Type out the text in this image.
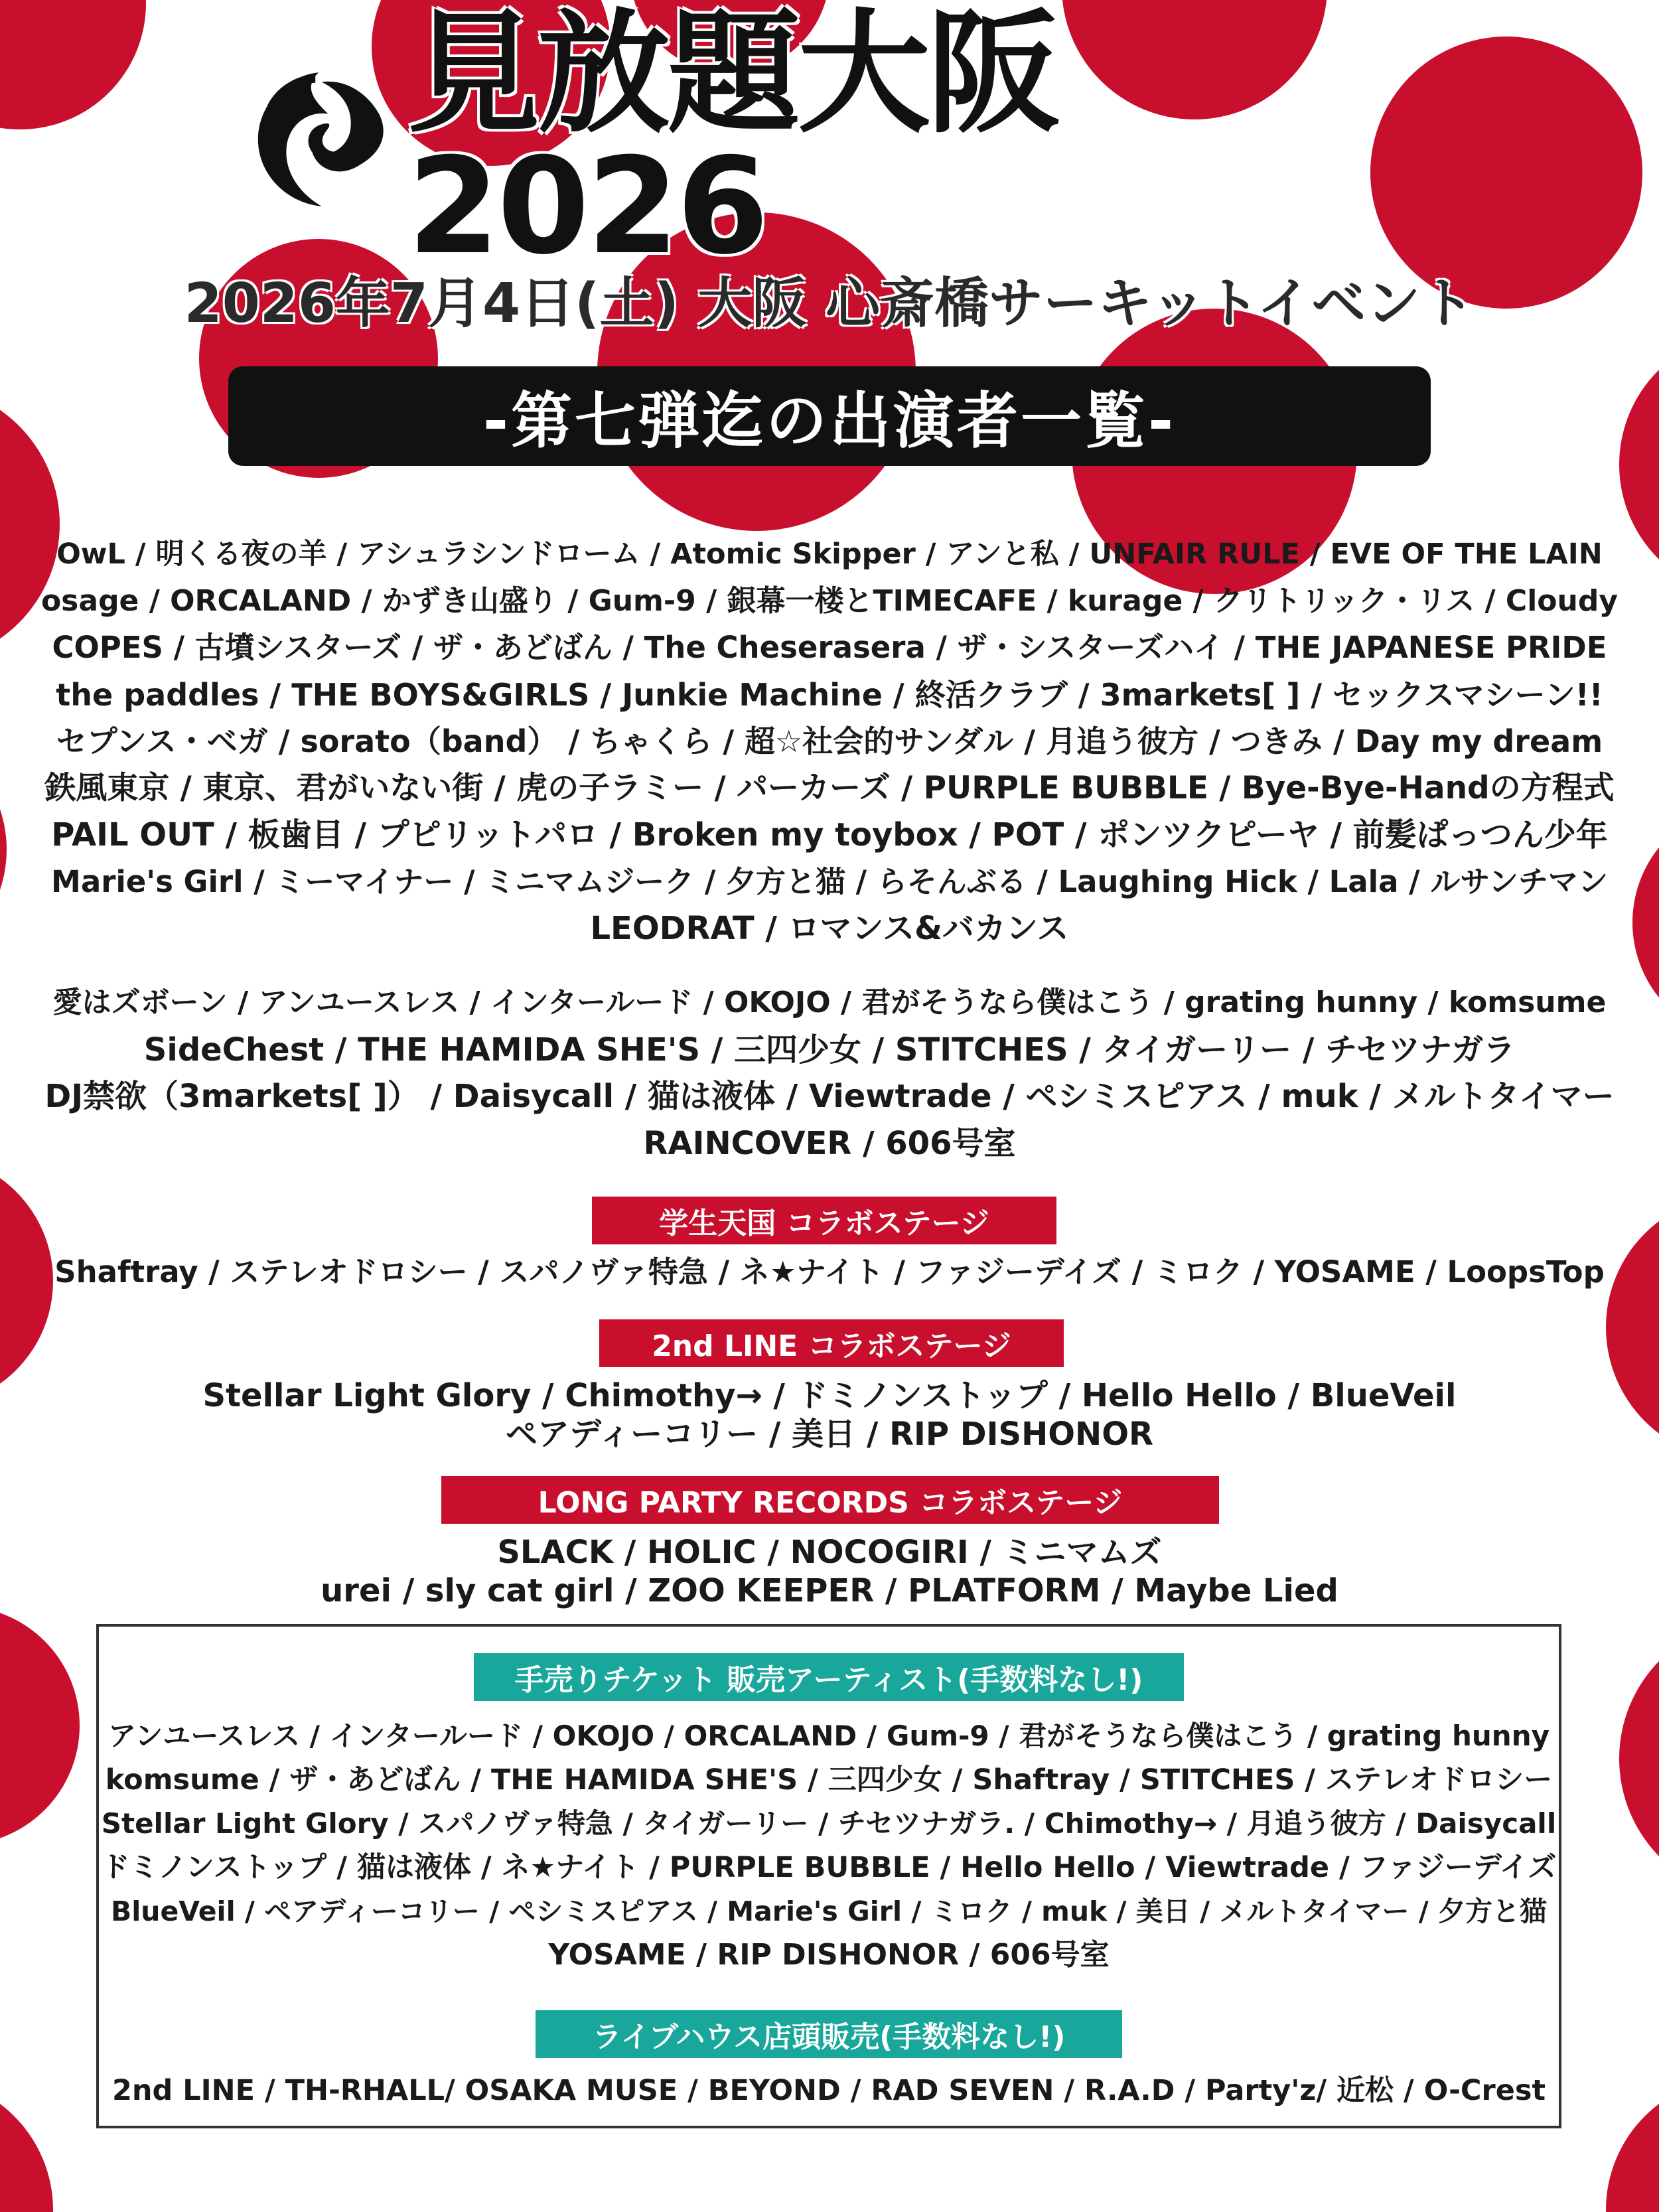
見放題大阪2026
2026年7月4日(土) 大阪 心斎橋サーキットイベント
-第七弾迄の出演者一覧-
OwL / 明くる夜の羊 / アシュラシンドローム / Atomic Skipper / アンと私 / UNFAIR RULE / EVE OF THE LAIN
osage / ORCALAND / かずき山盛り / Gum-9 / 銀幕一楼とTIMECAFE / kurage / クリトリック・リス / Cloudy
COPES / 古墳シスターズ / ザ・あどばん / The Cheserasera / ザ・シスターズハイ / THE JAPANESE PRIDE
the paddles / THE BOYS&GIRLS / Junkie Machine / 終活クラブ / 3markets[ ] / セックスマシーン!!
セプンス・ベガ / sorato（band） / ちゃくら / 超☆社会的サンダル / 月追う彼方 / つきみ / Day my dream
鉄風東京 / 東京、君がいない街 / 虎の子ラミー / パーカーズ / PURPLE BUBBLE / Bye-Bye-Handの方程式
PAIL OUT / 板歯目 / プピリットパロ / Broken my toybox / POT / ポンツクピーヤ / 前髪ぱっつん少年
Marie's Girl / ミーマイナー / ミニマムジーク / 夕方と猫 / らそんぶる / Laughing Hick / Lala / ルサンチマン
LEODRAT / ロマンス&バカンス
愛はズボーン / アンユースレス / インタールード / OKOJO / 君がそうなら僕はこう / grating hunny / komsume
SideChest / THE HAMIDA SHE'S / 三四少女 / STITCHES / タイガーリー / チセツナガラ
DJ禁欲（3markets[ ]） / Daisycall / 猫は液体 / Viewtrade / ペシミスピアス / muk / メルトタイマー
RAINCOVER / 606号室
学生天国 コラボステージ
Shaftray / ステレオドロシー / スパノヴァ特急 / ネ★ナイト / ファジーデイズ / ミロク / YOSAME / LoopsTop
2nd LINE コラボステージ
Stellar Light Glory / Chimothy→ / ドミノンストップ / Hello Hello / BlueVeil
ペアディーコリー / 美日 / RIP DISHONOR
LONG PARTY RECORDS コラボステージ
SLACK / HOLIC / NOCOGIRI / ミニマムズ
urei / sly cat girl / ZOO KEEPER / PLATFORM / Maybe Lied
手売りチケット 販売アーティスト(手数料なし!)
アンユースレス / インタールード / OKOJO / ORCALAND / Gum-9 / 君がそうなら僕はこう / grating hunny
komsume / ザ・あどばん / THE HAMIDA SHE'S / 三四少女 / Shaftray / STITCHES / ステレオドロシー
Stellar Light Glory / スパノヴァ特急 / タイガーリー / チセツナガラ. / Chimothy→ / 月追う彼方 / Daisycall
ドミノンストップ / 猫は液体 / ネ★ナイト / PURPLE BUBBLE / Hello Hello / Viewtrade / ファジーデイズ
BlueVeil / ペアディーコリー / ペシミスピアス / Marie's Girl / ミロク / muk / 美日 / メルトタイマー / 夕方と猫
YOSAME / RIP DISHONOR / 606号室
ライブハウス店頭販売(手数料なし!)
2nd LINE / TH-RHALL/ OSAKA MUSE / BEYOND / RAD SEVEN / R.A.D / Party'z/ 近松 / O-Crest
